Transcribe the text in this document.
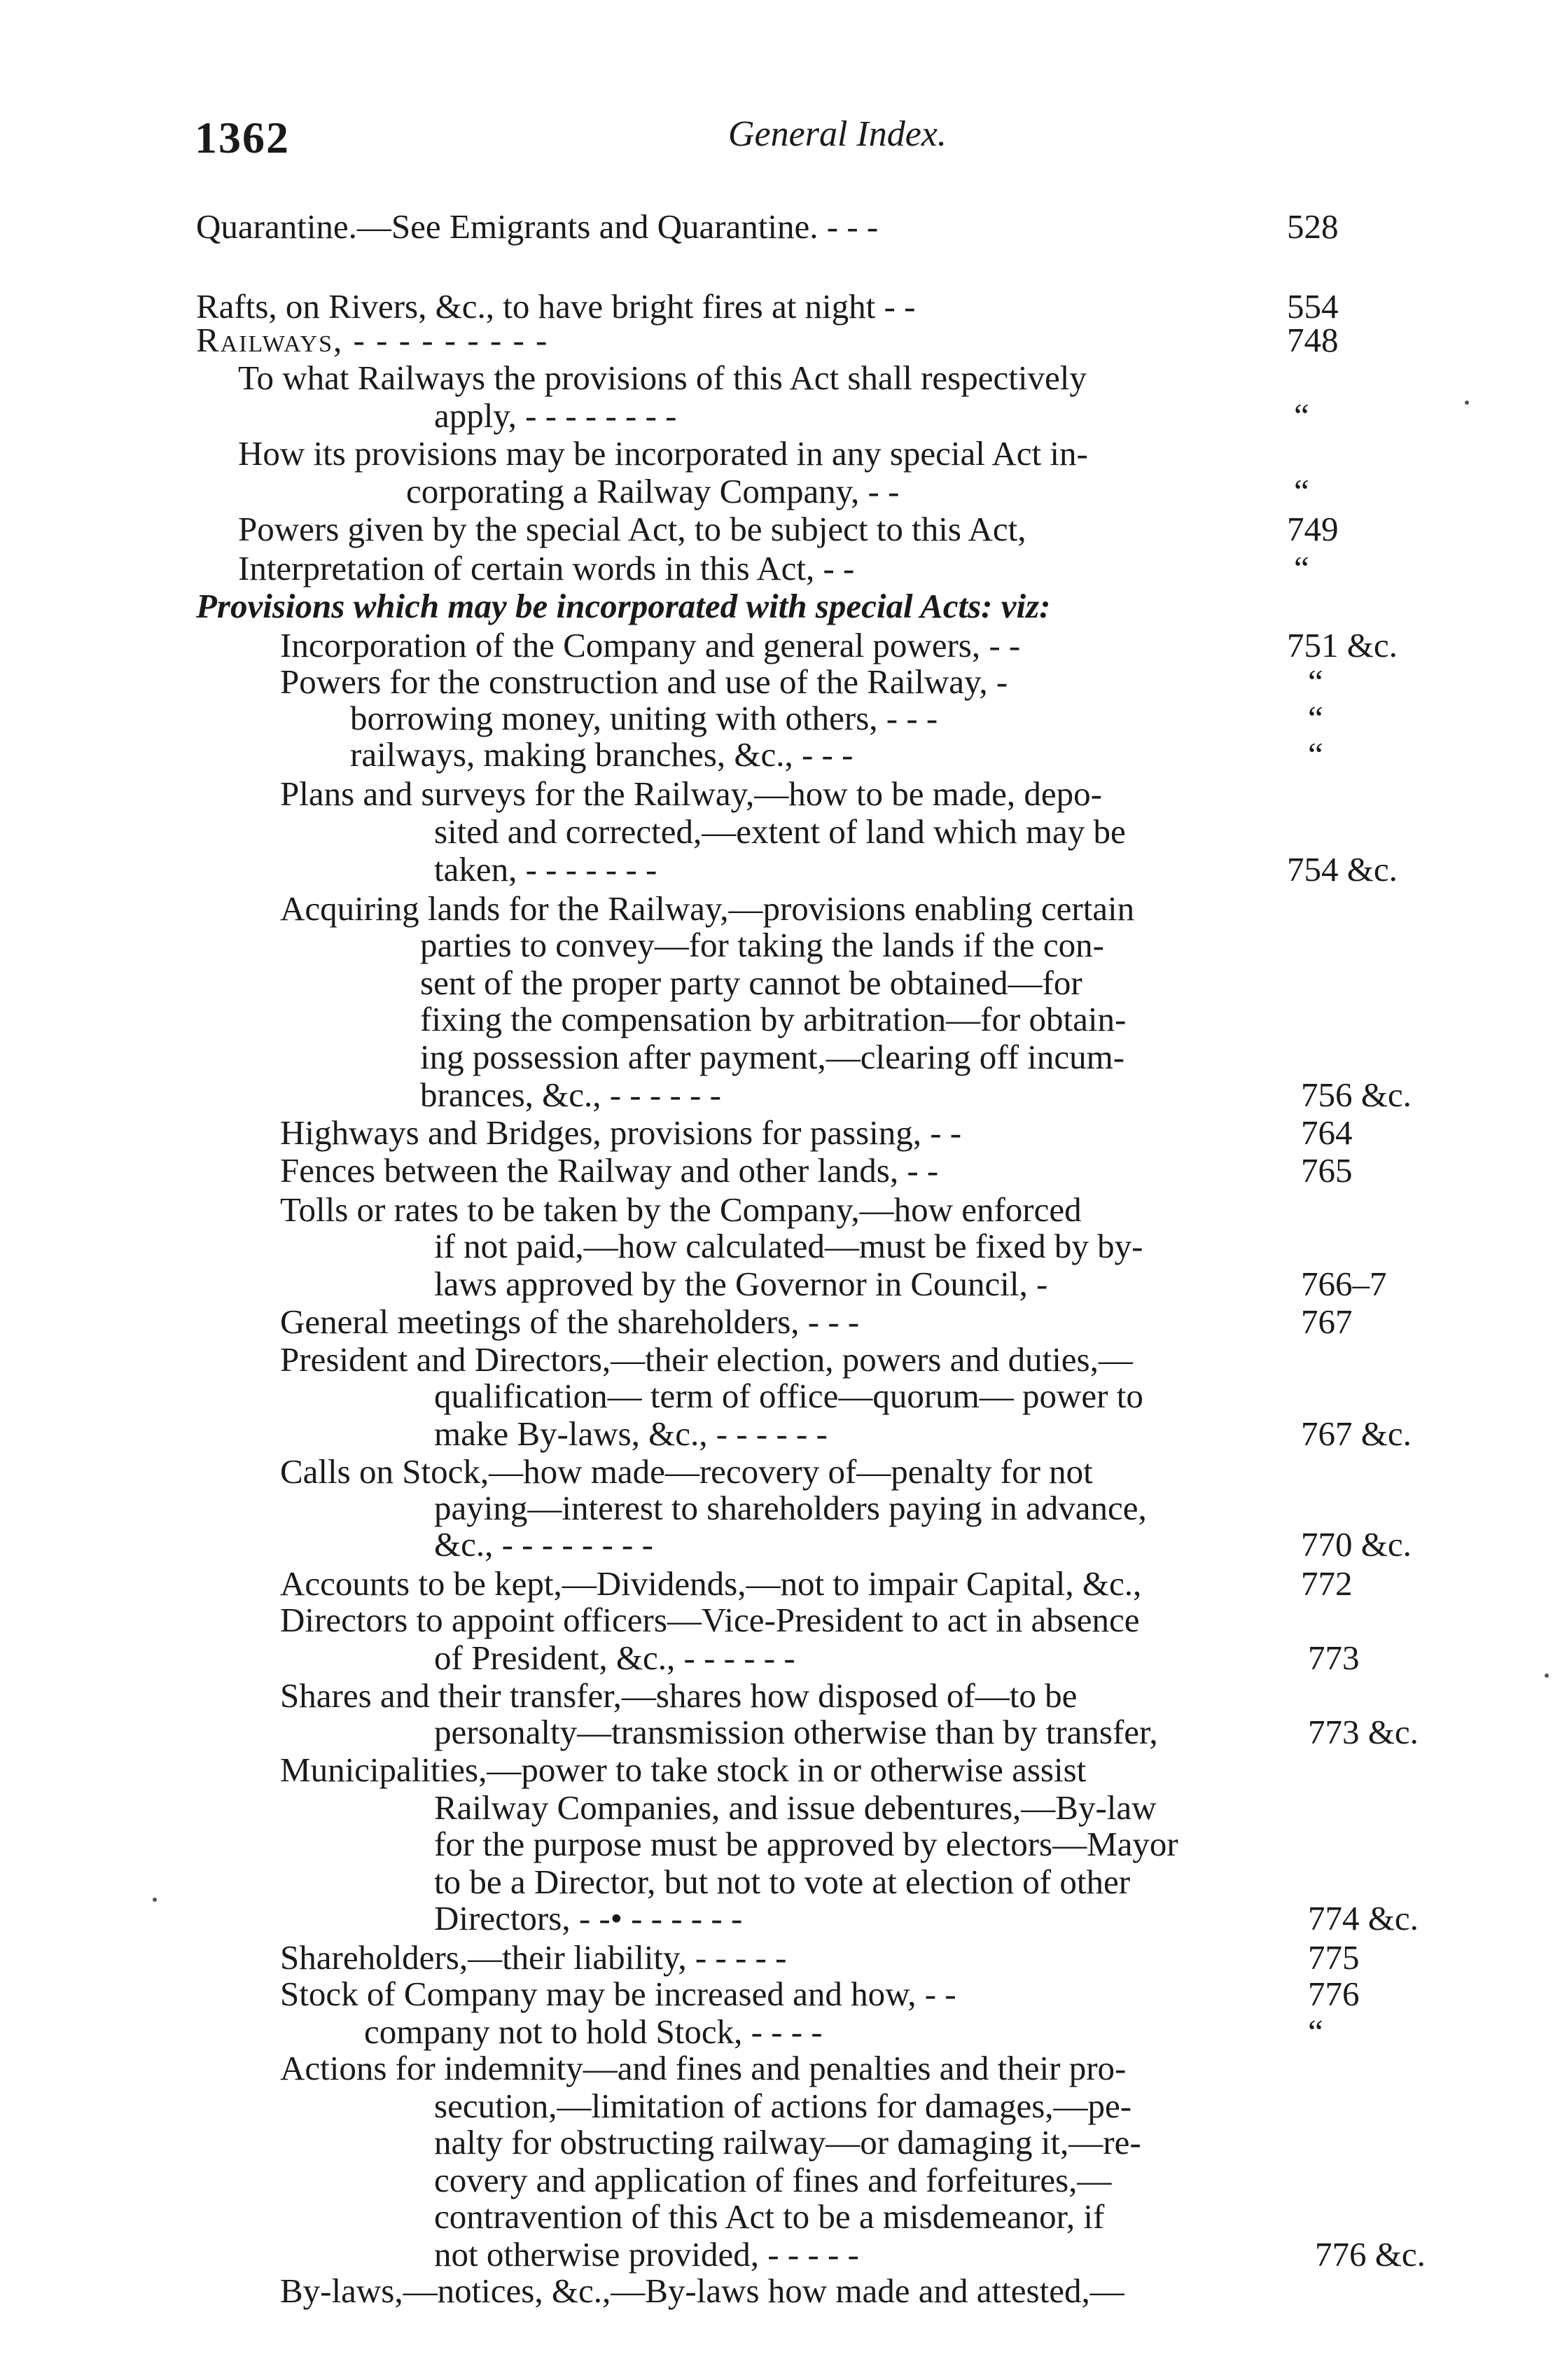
1362	General Index.
Quarantine.—See Emigrants and Quarantine. - - -	528
Rafts, on Rivers, &c., to have bright fires at night - -	554
Railways, - - - - - - - - -	748
To what Railways the provisions of this Act shall respectively
apply, - - - - - - - -	“
How its provisions may be incorporated in any special Act in-
corporating a Railway Company, - -	“
Powers given by the special Act, to be subject to this Act,	749
Interpretation of certain words in this Act, - -	“
Provisions which may be incorporated with special Acts: viz:
Incorporation of the Company and general powers, - -	751 &c.
Powers for the construction and use of the Railway, -	“
borrowing money, uniting with others, - - -	“
railways, making branches, &c., - - -	“
Plans and surveys for the Railway,—how to be made, depo-
sited and corrected,—extent of land which may be
taken, - - - - - - -	754 &c.
Acquiring lands for the Railway,—provisions enabling certain
parties to convey—for taking the lands if the con-
sent of the proper party cannot be obtained—for
fixing the compensation by arbitration—for obtain-
ing possession after payment,—clearing off incum-
brances, &c., - - - - - -	756 &c.
Highways and Bridges, provisions for passing, - -	764
Fences between the Railway and other lands, - -	765
Tolls or rates to be taken by the Company,—how enforced
if not paid,—how calculated—must be fixed by by-
laws approved by the Governor in Council, -	766–7
General meetings of the shareholders, - - -	767
President and Directors,—their election, powers and duties,—
qualification— term of office—quorum— power to
make By-laws, &c., - - - - - -	767 &c.
Calls on Stock,—how made—recovery of—penalty for not
paying—interest to shareholders paying in advance,
&c., - - - - - - - -	770 &c.
Accounts to be kept,—Dividends,—not to impair Capital, &c.,	772
Directors to appoint officers—Vice-President to act in absence
of President, &c., - - - - - -	773
Shares and their transfer,—shares how disposed of—to be
personalty—transmission otherwise than by transfer,	773 &c.
Municipalities,—power to take stock in or otherwise assist
Railway Companies, and issue debentures,—By-law
for the purpose must be approved by electors—Mayor
to be a Director, but not to vote at election of other
Directors, - -• - - - - - -	774 &c.
Shareholders,—their liability, - - - - -	775
Stock of Company may be increased and how, - -	776
company not to hold Stock, - - - -	“
Actions for indemnity—and fines and penalties and their pro-
secution,—limitation of actions for damages,—pe-
nalty for obstructing railway—or damaging it,—re-
covery and application of fines and forfeitures,—
contravention of this Act to be a misdemeanor, if
not otherwise provided, - - - - -	776 &c.
By-laws,—notices, &c.,—By-laws how made and attested,—
